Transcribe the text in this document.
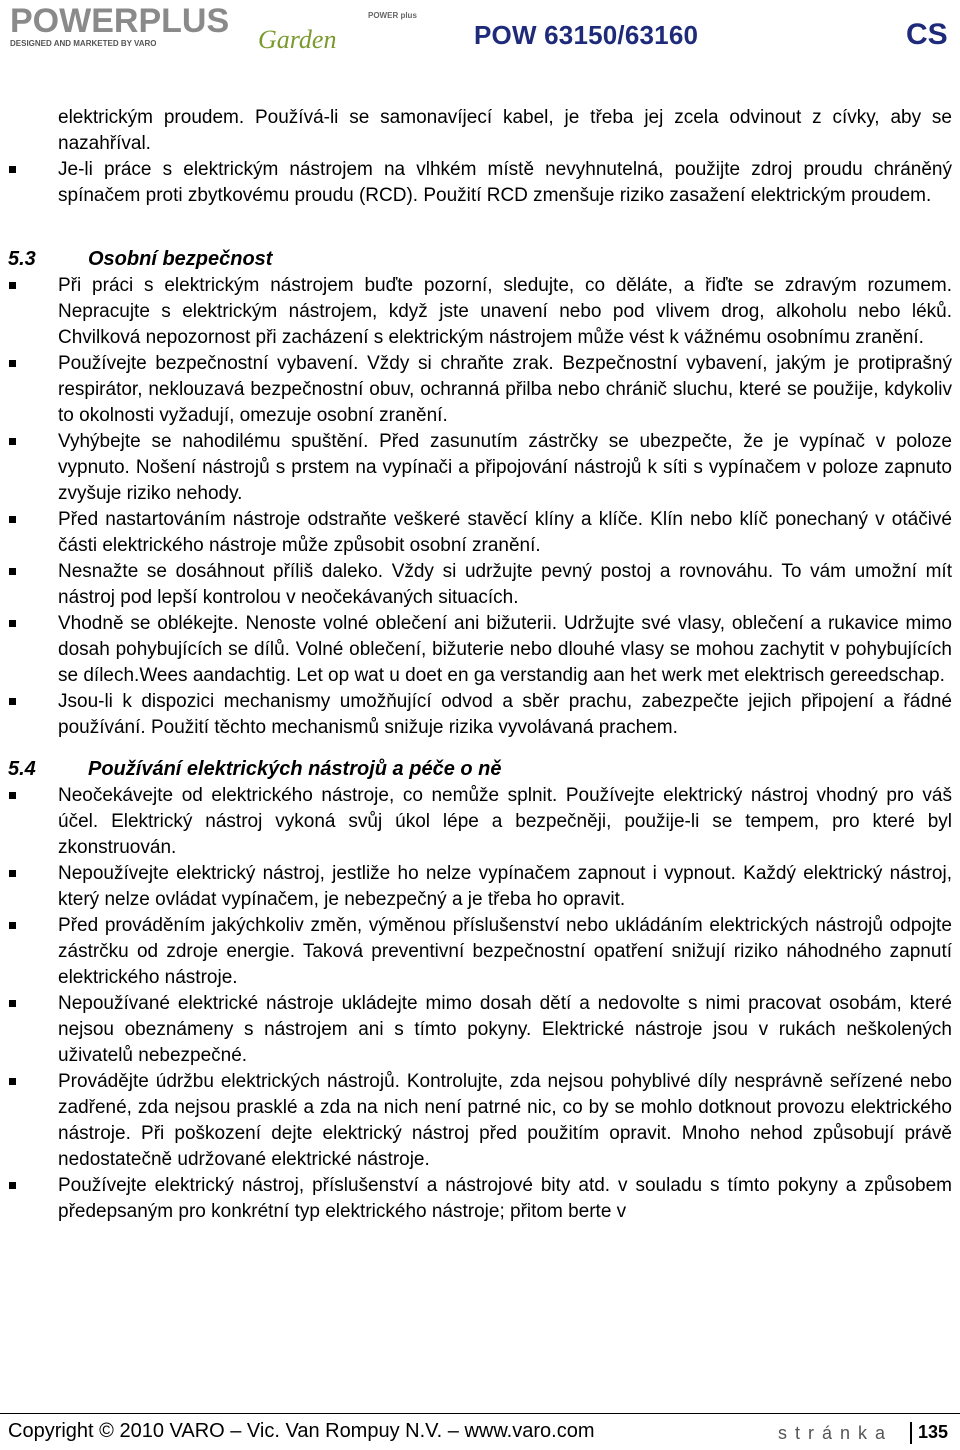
POWERPLUS Garden
DESIGNED AND MARKETED BY VARO
POWER plus
POW 63150/63160	CS

elektrickým proudem. Používá-li se samonavíjecí kabel, je třeba jej zcela odvinout z cívky, aby se nazahříval.

Je-li práce s elektrickým nástrojem na vlhkém místě nevyhnutelná, použijte zdroj proudu chráněný spínačem proti zbytkovému proudu (RCD). Použití RCD zmenšuje riziko zasažení elektrickým proudem.
5.3	Osobní bezpečnost
Při práci s elektrickým nástrojem buďte pozorní, sledujte, co děláte, a řiďte se zdravým rozumem. Nepracujte s elektrickým nástrojem, když jste unavení nebo pod vlivem drog, alkoholu nebo léků. Chvilková nepozornost při zacházení s elektrickým nástrojem může vést k vážnému osobnímu zranění.
Používejte bezpečnostní vybavení. Vždy si chraňte zrak. Bezpečnostní vybavení, jakým je protiprašný respirátor, neklouzavá bezpečnostní obuv, ochranná přilba nebo chránič sluchu, které se použije, kdykoliv to okolnosti vyžadují, omezuje osobní zranění.
Vyhýbejte se nahodilému spuštění. Před zasunutím zástrčky se ubezpečte, že je vypínač v poloze vypnuto. Nošení nástrojů s prstem na vypínači a připojování nástrojů k síti s vypínačem v poloze zapnuto zvyšuje riziko nehody.
Před nastartováním nástroje odstraňte veškeré stavěcí klíny a klíče. Klín nebo klíč ponechaný v otáčivé části elektrického nástroje může způsobit osobní zranění.
Nesnažte se dosáhnout příliš daleko. Vždy si udržujte pevný postoj a rovnováhu. To vám umožní mít nástroj pod lepší kontrolou v neočekávaných situacích.
Vhodně se oblékejte. Nenoste volné oblečení ani bižuterii. Udržujte své vlasy, oblečení a rukavice mimo dosah pohybujících se dílů. Volné oblečení, bižuterie nebo dlouhé vlasy se mohou zachytit v pohybujících se dílech.Wees aandachtig. Let op wat u doet en ga verstandig aan het werk met elektrisch gereedschap.
Jsou-li k dispozici mechanismy umožňující odvod a sběr prachu, zabezpečte jejich připojení a řádné používání. Použití těchto mechanismů snižuje rizika vyvolávaná prachem.
5.4	Používání elektrických nástrojů a péče o ně
Neočekávejte od elektrického nástroje, co nemůže splnit. Používejte elektrický nástroj vhodný pro váš účel. Elektrický nástroj vykoná svůj úkol lépe a bezpečněji, použije-li se tempem, pro které byl zkonstruován.
Nepoužívejte elektrický nástroj, jestliže ho nelze vypínačem zapnout i vypnout. Každý elektrický nástroj, který nelze ovládat vypínačem, je nebezpečný a je třeba ho opravit.
Před prováděním jakýchkoliv změn, výměnou příslušenství nebo ukládáním elektrických nástrojů odpojte zástrčku od zdroje energie. Taková preventivní bezpečnostní opatření snižují riziko náhodného zapnutí elektrického nástroje.
Nepoužívané elektrické nástroje ukládejte mimo dosah dětí a nedovolte s nimi pracovat osobám, které nejsou obeznámeny s nástrojem ani s tímto pokyny. Elektrické nástroje jsou v rukách neškolených uživatelů nebezpečné.
Provádějte údržbu elektrických nástrojů. Kontrolujte, zda nejsou pohyblivé díly nesprávně seřízené nebo zadřené, zda nejsou prasklé a zda na nich není patrné nic, co by se mohlo dotknout provozu elektrického nástroje. Při poškození dejte elektrický nástroj před použitím opravit. Mnoho nehod způsobují právě nedostatečně udržované elektrické nástroje.
Používejte elektrický nástroj, příslušenství a nástrojové bity atd. v souladu s tímto pokyny a způsobem předepsaným pro konkrétní typ elektrického nástroje; přitom berte v
Copyright © 2010 VARO – Vic. Van Rompuy N.V. – www.varo.com	stránka 135
